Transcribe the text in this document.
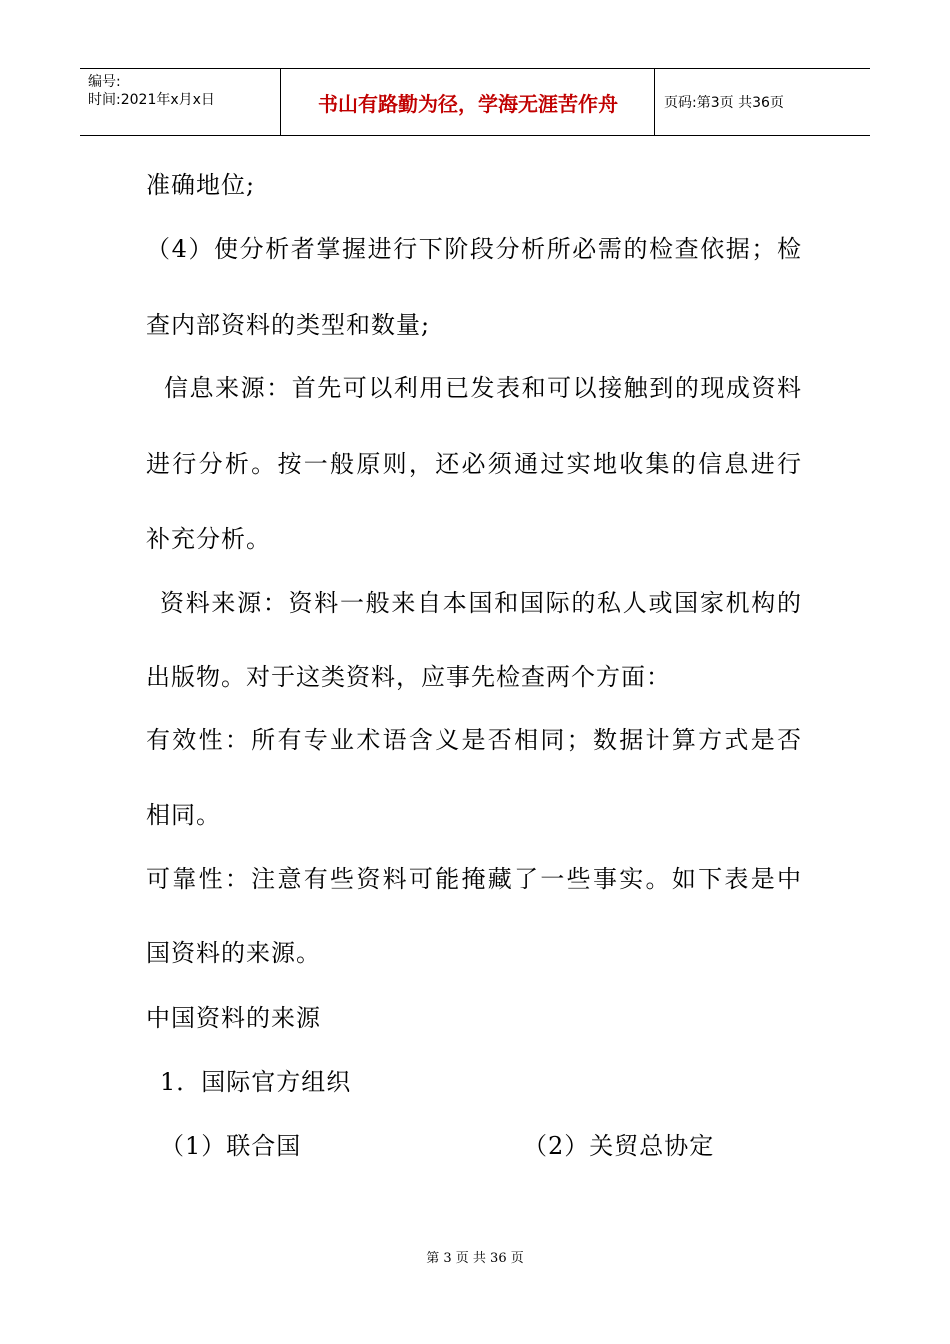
编号:
时间:2021年x月x日	书山有路勤为径，学海无涯苦作舟	页码:第3页 共36页
准确地位;
（4）使分析者掌握进行下阶段分析所必需的检查依据；检
查内部资料的类型和数量;
信息来源：首先可以利用已发表和可以接触到的现成资料
进行分析。按一般原则，还必须通过实地收集的信息进行
补充分析。
资料来源：资料一般来自本国和国际的私人或国家机构的
出版物。对于这类资料，应事先检查两个方面：
有效性：所有专业术语含义是否相同；数据计算方式是否
相同。
可靠性：注意有些资料可能掩藏了一些事实。如下表是中
国资料的来源。
中国资料的来源
1．国际官方组织
（1）联合国	（2）关贸总协定
第 3 页 共 36 页
